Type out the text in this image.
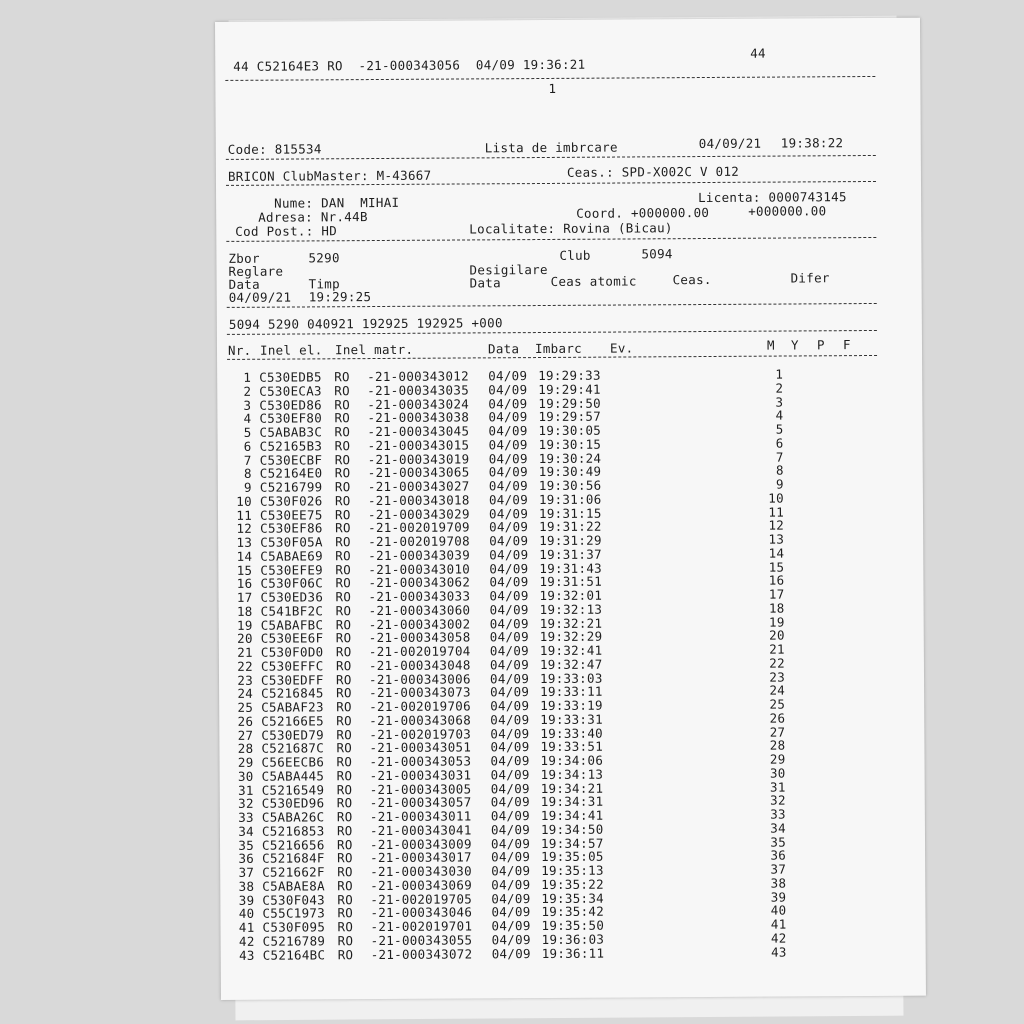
44 C52164E3 RO  -21-000343056  04/09 19:36:21
44
1
Code: 815534	Lista de imbrcare	04/09/21 19:38:22
BRICON ClubMaster: M-43667	Ceas.: SPD-X002C V 012
Nume: DAN  MIHAI	Licenta: 0000743145
Adresa: Nr.44B	Coord. +000000.00	+000000.00
Cod Post.: HD	Localitate: Rovina (Bicau)
Zbor	5290	Club	5094
Reglare	Desigilare
Data	Timp	Data	Ceas atomic	Ceas.	Difer
04/09/21 19:29:25
5094 5290 040921 192925 192925 +000
Nr. Inel el. Inel matr.	Data Imbarc Ev.	M Y P F
1 C530EDB5 RO -21-000343012 04/09 19:29:33	1
2 C530ECA3 RO -21-000343035 04/09 19:29:41	2
3 C530ED86 RO -21-000343024 04/09 19:29:50	3
4 C530EF80 RO -21-000343038 04/09 19:29:57	4
5 C5ABAB3C RO -21-000343045 04/09 19:30:05	5
6 C52165B3 RO -21-000343015 04/09 19:30:15	6
7 C530ECBF RO -21-000343019 04/09 19:30:24	7
8 C52164E0 RO -21-000343065 04/09 19:30:49	8
9 C5216799 RO -21-000343027 04/09 19:30:56	9
10 C530F026 RO -21-000343018 04/09 19:31:06	10
11 C530EE75 RO -21-000343029 04/09 19:31:15	11
12 C530EF86 RO -21-002019709 04/09 19:31:22	12
13 C530F05A RO -21-002019708 04/09 19:31:29	13
14 C5ABAE69 RO -21-000343039 04/09 19:31:37	14
15 C530EFE9 RO -21-000343010 04/09 19:31:43	15
16 C530F06C RO -21-000343062 04/09 19:31:51	16
17 C530ED36 RO -21-000343033 04/09 19:32:01	17
18 C541BF2C RO -21-000343060 04/09 19:32:13	18
19 C5ABAFBC RO -21-000343002 04/09 19:32:21	19
20 C530EE6F RO -21-000343058 04/09 19:32:29	20
21 C530F0D0 RO -21-002019704 04/09 19:32:41	21
22 C530EFFC RO -21-000343048 04/09 19:32:47	22
23 C530EDFF RO -21-000343006 04/09 19:33:03	23
24 C5216845 RO -21-000343073 04/09 19:33:11	24
25 C5ABAF23 RO -21-002019706 04/09 19:33:19	25
26 C52166E5 RO -21-000343068 04/09 19:33:31	26
27 C530ED79 RO -21-002019703 04/09 19:33:40	27
28 C521687C RO -21-000343051 04/09 19:33:51	28
29 C56EECB6 RO -21-000343053 04/09 19:34:06	29
30 C5ABA445 RO -21-000343031 04/09 19:34:13	30
31 C5216549 RO -21-000343005 04/09 19:34:21	31
32 C530ED96 RO -21-000343057 04/09 19:34:31	32
33 C5ABA26C RO -21-000343011 04/09 19:34:41	33
34 C5216853 RO -21-000343041 04/09 19:34:50	34
35 C5216656 RO -21-000343009 04/09 19:34:57	35
36 C521684F RO -21-000343017 04/09 19:35:05	36
37 C521662F RO -21-000343030 04/09 19:35:13	37
38 C5ABAE8A RO -21-000343069 04/09 19:35:22	38
39 C530F043 RO -21-002019705 04/09 19:35:34	39
40 C55C1973 RO -21-000343046 04/09 19:35:42	40
41 C530F095 RO -21-002019701 04/09 19:35:50	41
42 C5216789 RO -21-000343055 04/09 19:36:03	42
43 C52164BC RO -21-000343072 04/09 19:36:11	43
